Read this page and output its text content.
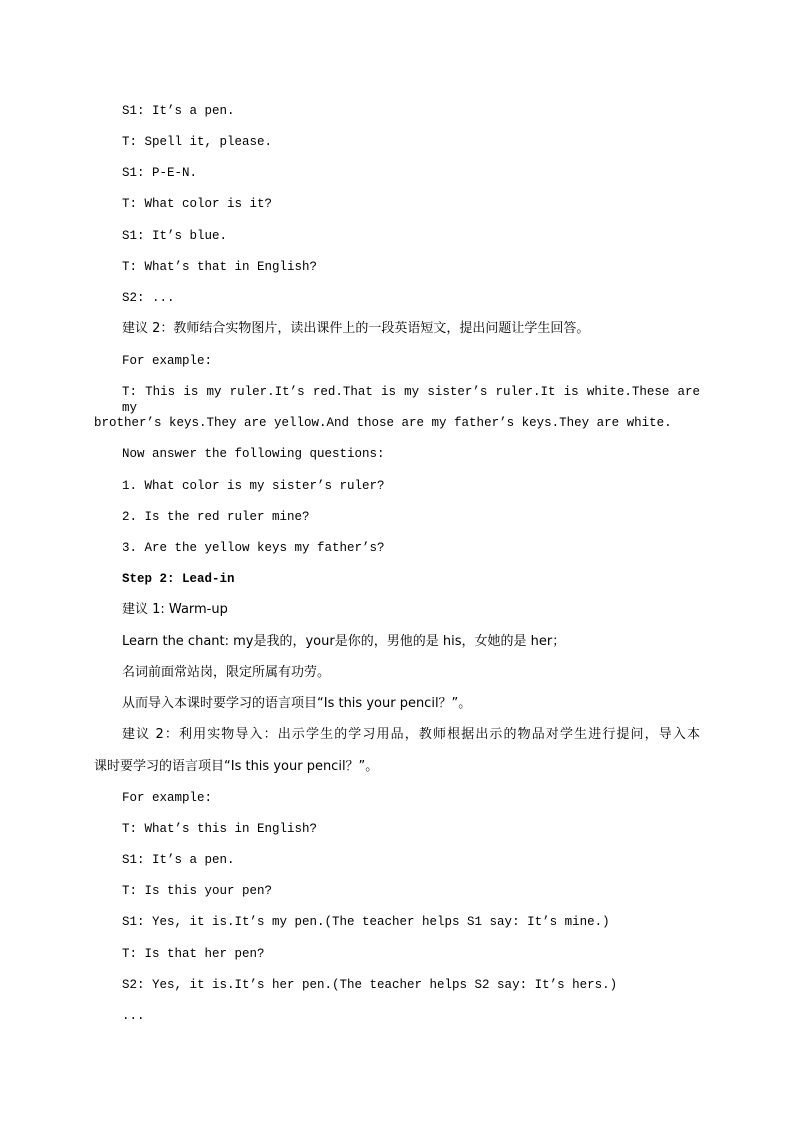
S1: It’s a pen.
T: Spell it, please.
S1: P-E-N.
T: What color is it?
S1: It’s blue.
T: What’s that in English?
S2: ...
建议 2：教师结合实物图片，读出课件上的一段英语短文，提出问题让学生回答。
For example:
T: This is my ruler.It’s red.That is my sister’s ruler.It is white.These are my
brother’s keys.They are yellow.And those are my father’s keys.They are white.
Now answer the following questions:
1. What color is my sister’s ruler?
2. Is the red ruler mine?
3. Are the yellow keys my father’s?
Step 2: Lead-in
建议 1: Warm-up
Learn the chant: my是我的，your是你的，男他的是 his，女她的是 her；
名词前面常站岗，限定所属有功劳。
从而导入本课时要学习的语言项目“Is this your pencil？”。
建议 2：利用实物导入：出示学生的学习用品，教师根据出示的物品对学生进行提问，导入本
课时要学习的语言项目“Is this your pencil？”。
For example:
T: What’s this in English?
S1: It’s a pen.
T: Is this your pen?
S1: Yes, it is.It’s my pen.(The teacher helps S1 say: It’s mine.)
T: Is that her pen?
S2: Yes, it is.It’s her pen.(The teacher helps S2 say: It’s hers.)
...
